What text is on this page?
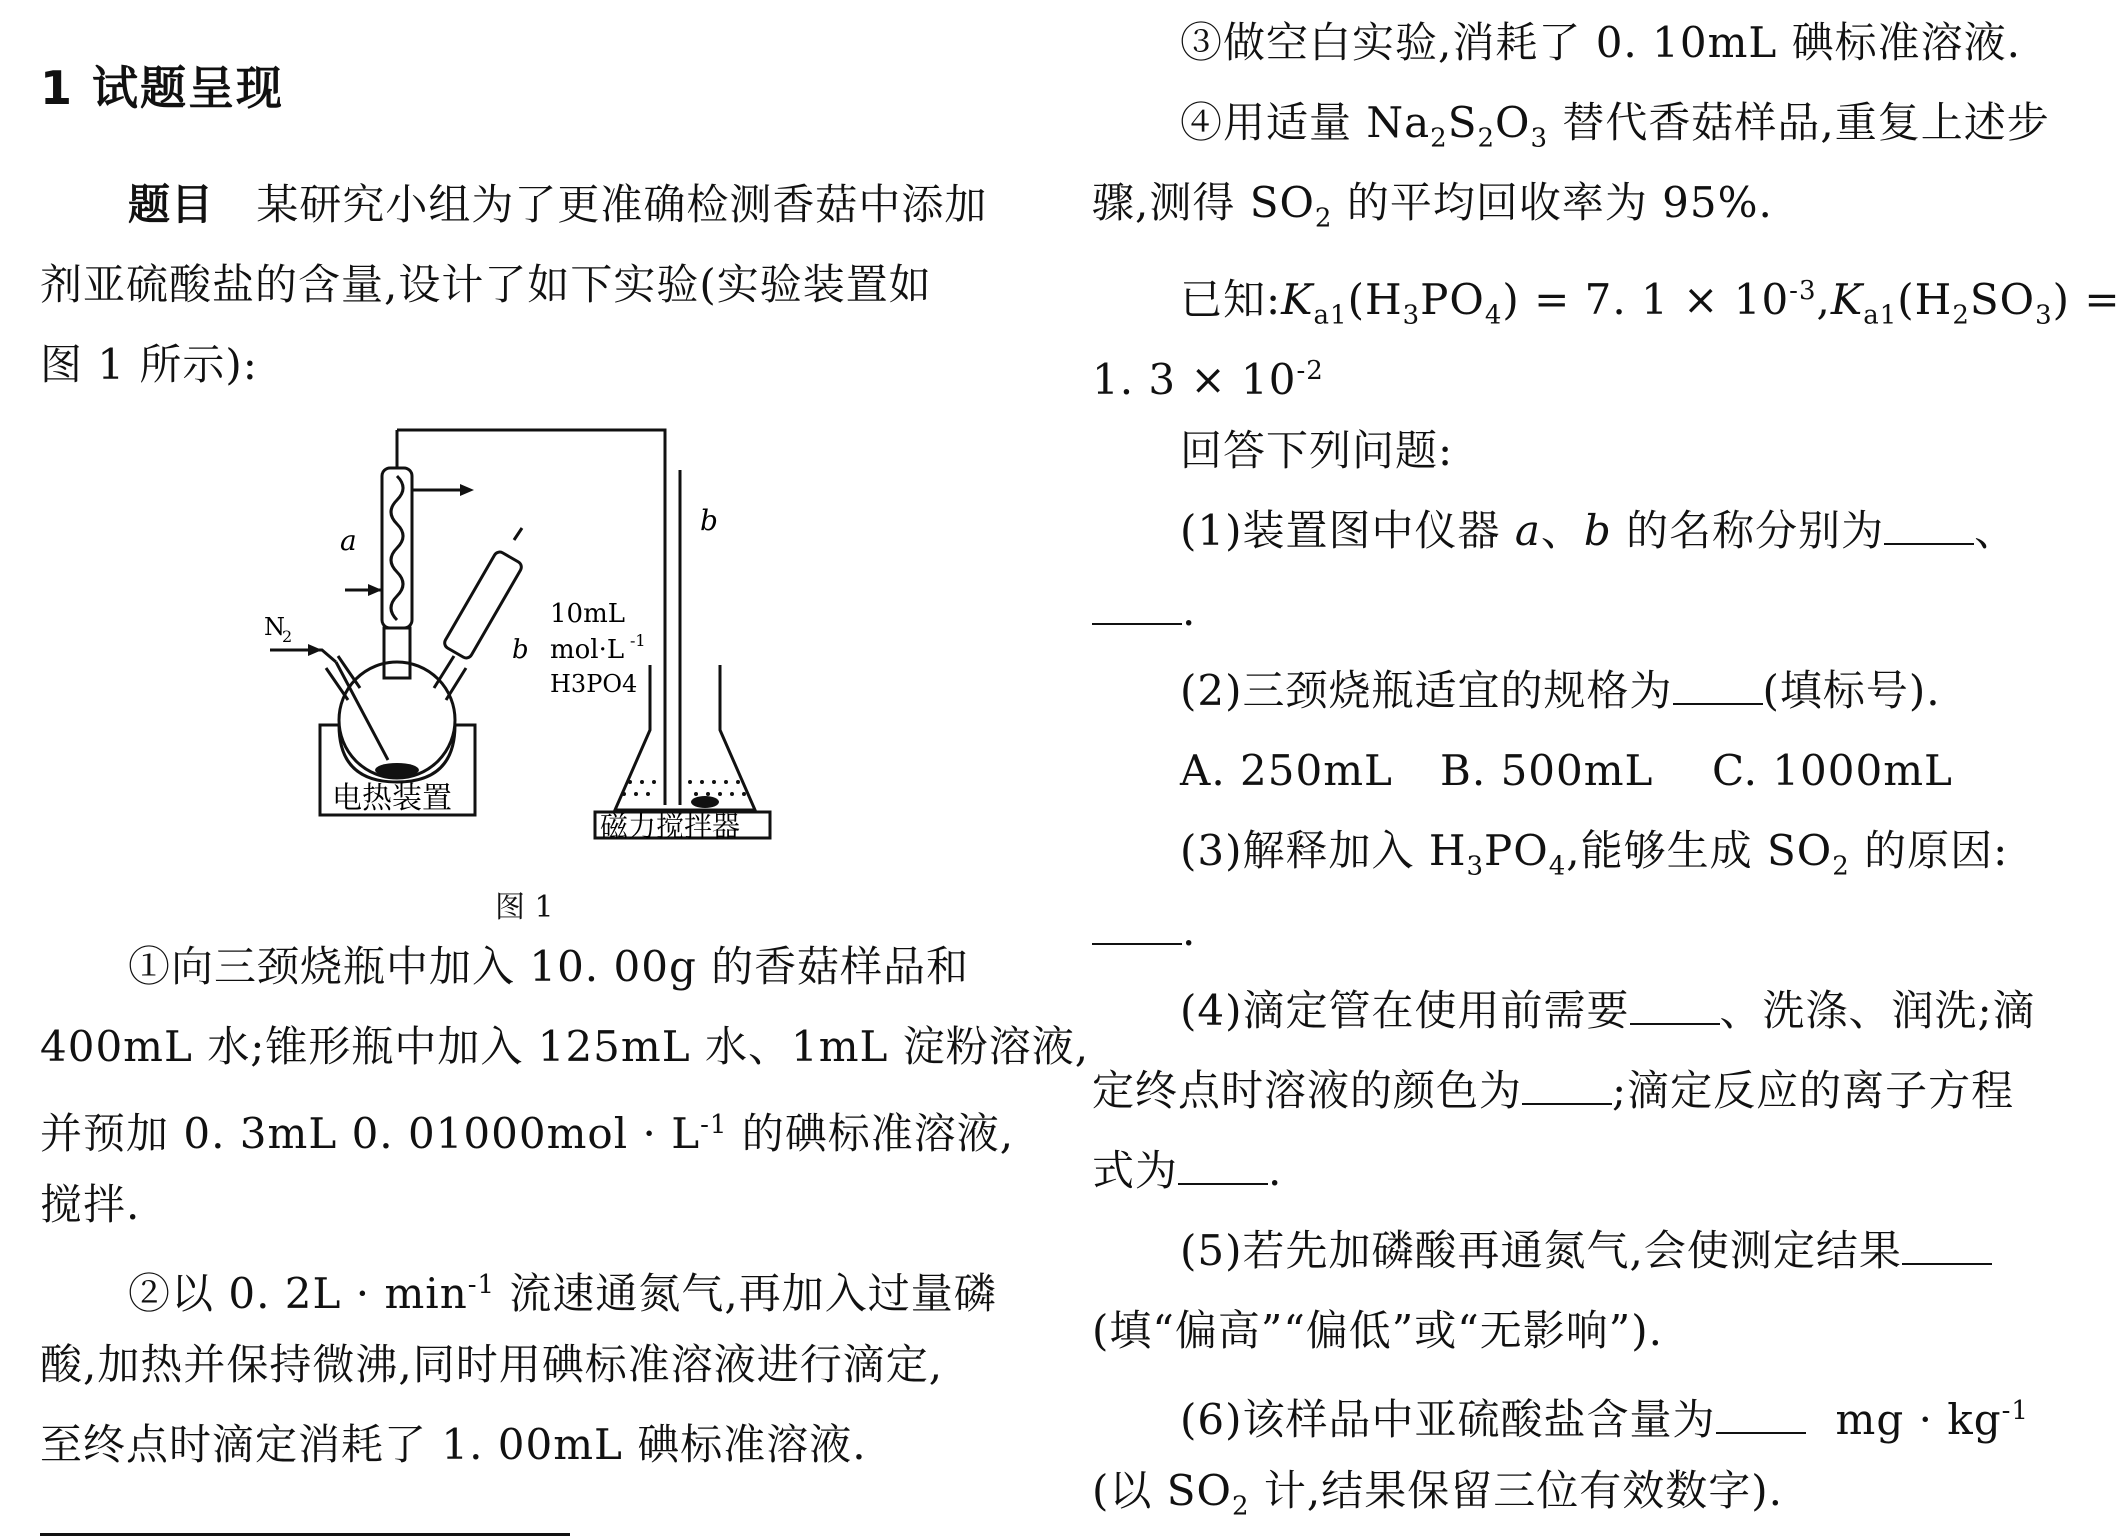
1 试题呈现
题目 某研究小组为了更准确检测香菇中添加
剂亚硫酸盐的含量,设计了如下实验(实验装置如
图 1 所示):
a
b
N
2
10mL
b mol·L -1
H3PO4
电热装置
磁力搅拌器
图 1
①向三颈烧瓶中加入 10. 00g 的香菇样品和
400mL 水;锥形瓶中加入 125mL 水、1mL 淀粉溶液,
并预加 0. 3mL 0. $01000mol \cdot L^{-1}$ 的碘标准溶液,
搅拌.
②以 0. $2L \cdot \min^{-1}$ 流速通氮气,再加入过量磷
酸,加热并保持微沸,同时用碘标准溶液进行滴定,
至终点时滴定消耗了 1. 00mL 碘标准溶液.
③做空白实验,消耗了 0. 10mL 碘标准溶液.
④用适量 $Na_2S_2O_3$ 替代香菇样品,重复上述步
骤,测得 $SO_2$ 的平均回收率为 95%.
已知$:K_{a1}(H_3PO_4) = 7$. $1 \times 10^{-3},K_{a1}(H_2SO_3)$ =
1. $3 \times 10^{-2}$
回答下列问题:
(1)装置图中仪器 a、b 的名称分别为 、
.
(2)三颈烧瓶适宜的规格为 (填标号).
A. 250mL B. 500mL C. 1000mL
(3)解释加入 $H_3PO_4$,能够生成 $SO_2$ 的原因:
.
(4)滴定管在使用前需要 、洗涤、润洗;滴
定终点时溶液的颜色为 ;滴定反应的离子方程
式为 .
(5)若先加磷酸再通氮气,会使测定结果
(填“偏高”“偏低”或“无影响”).
(6)该样品中亚硫酸盐含量为	mg · $kg^{-1}$
(以 $SO_2$ 计,结果保留三位有效数字).
